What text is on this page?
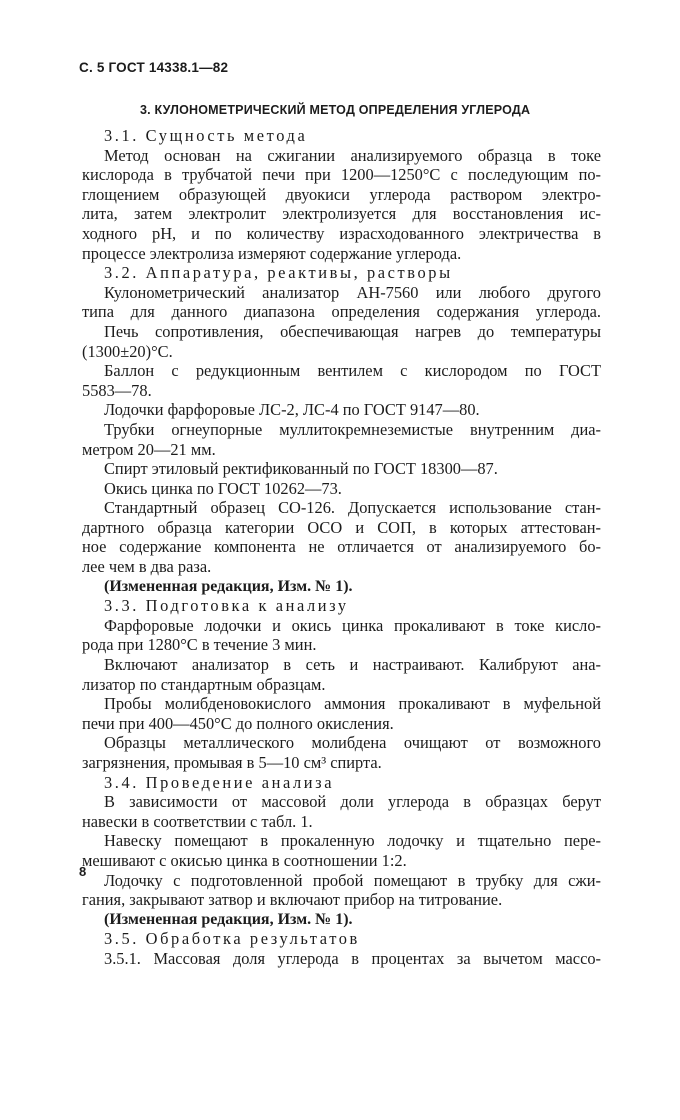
С. 5 ГОСТ 14338.1—82
3. КУЛОНОМЕТРИЧЕСКИЙ МЕТОД ОПРЕДЕЛЕНИЯ УГЛЕРОДА
3.1. Сущность метода
Метод основан на сжигании анализируемого образца в токе
кислорода в трубчатой печи при 1200—1250°С с последующим по-
глощением образующей двуокиси углерода раствором электро-
лита, затем электролит электролизуется для восстановления ис-
ходного pH, и по количеству израсходованного электричества в
процессе электролиза измеряют содержание углерода.
3.2. Аппаратура, реактивы, растворы
Кулонометрический анализатор АН-7560 или любого другого
типа для данного диапазона определения содержания углерода.
Печь сопротивления, обеспечивающая нагрев до температуры
(1300±20)°С.
Баллон с редукционным вентилем с кислородом по ГОСТ
5583—78.
Лодочки фарфоровые ЛС-2, ЛС-4 по ГОСТ 9147—80.
Трубки огнеупорные муллитокремнеземистые внутренним диа-
метром 20—21 мм.
Спирт этиловый ректификованный по ГОСТ 18300—87.
Окись цинка по ГОСТ 10262—73.
Стандартный образец СО-126. Допускается использование стан-
дартного образца категории ОСО и СОП, в которых аттестован-
ное содержание компонента не отличается от анализируемого бо-
лее чем в два раза.
(Измененная редакция, Изм. № 1).
3.3. Подготовка к анализу
Фарфоровые лодочки и окись цинка прокаливают в токе кисло-
рода при 1280°С в течение 3 мин.
Включают анализатор в сеть и настраивают. Калибруют ана-
лизатор по стандартным образцам.
Пробы молибденовокислого аммония прокаливают в муфельной
печи при 400—450°С до полного окисления.
Образцы металлического молибдена очищают от возможного
загрязнения, промывая в 5—10 см³ спирта.
3.4. Проведение анализа
В зависимости от массовой доли углерода в образцах берут
навески в соответствии с табл. 1.
Навеску помещают в прокаленную лодочку и тщательно пере-
мешивают с окисью цинка в соотношении 1:2.
Лодочку с подготовленной пробой помещают в трубку для сжи-
гания, закрывают затвор и включают прибор на титрование.
(Измененная редакция, Изм. № 1).
3.5. Обработка результатов
3.5.1. Массовая доля углерода в процентах за вычетом массо-
8
